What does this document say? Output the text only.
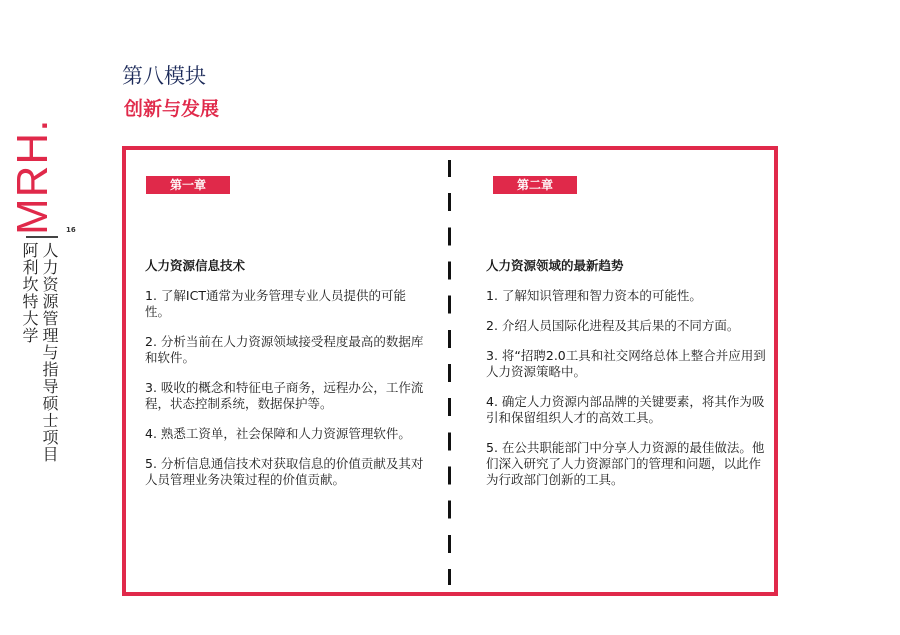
MRH. 16
阿利坎特大学 人力资源管理与指导硕士项目
第八模块
创新与发展
第一章	第二章
人力资源信息技术
1. 了解ICT通常为业务管理专业人员提供的可能性。
2. 分析当前在人力资源领域接受程度最高的数据库和软件。
3. 吸收的概念和特征电子商务，远程办公，工作流程，状态控制系统，数据保护等。
4. 熟悉工资单，社会保障和人力资源管理软件。
5. 分析信息通信技术对获取信息的价值贡献及其对人员管理业务决策过程的价值贡献。
人力资源领域的最新趋势
1. 了解知识管理和智力资本的可能性。
2. 介绍人员国际化进程及其后果的不同方面。
3. 将“招聘2.0工具和社交网络总体上整合并应用到人力资源策略中。
4. 确定人力资源内部品牌的关键要素，将其作为吸引和保留组织人才的高效工具。
5. 在公共职能部门中分享人力资源的最佳做法。他们深入研究了人力资源部门的管理和问题，以此作为行政部门创新的工具。
